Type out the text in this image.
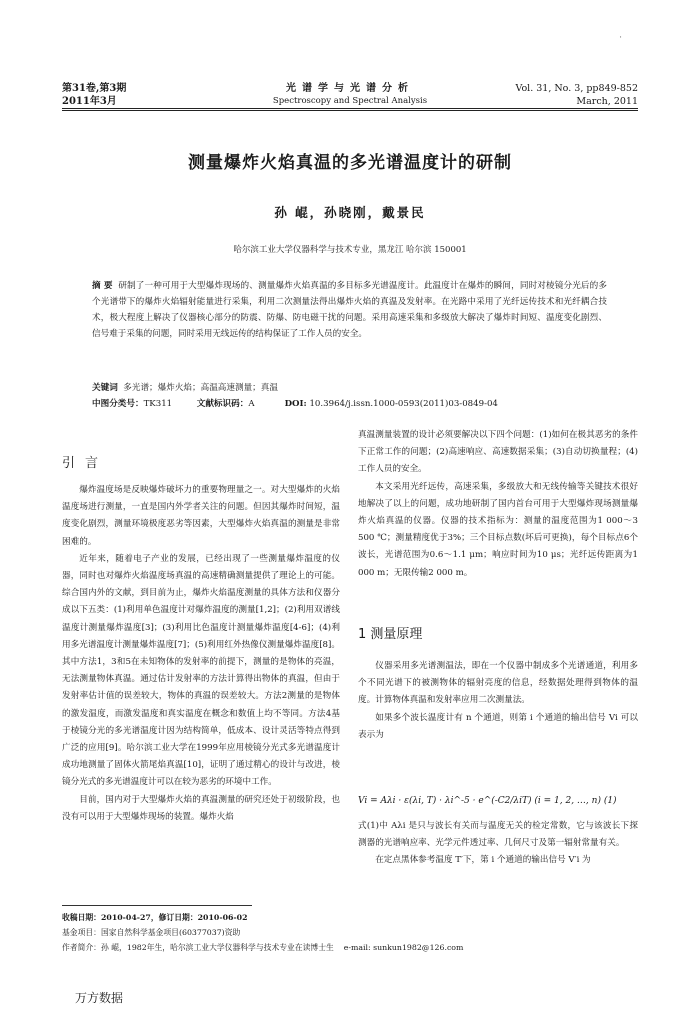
·
第31卷,第3期
2011年3月
光谱学与光谱分析
Spectroscopy and Spectral Analysis
Vol. 31, No. 3, pp849-852
March, 2011
测量爆炸火焰真温的多光谱温度计的研制
孙 崐，孙晓刚，戴景民
哈尔滨工业大学仪器科学与技术专业，黑龙江 哈尔滨 150001
摘 要 研制了一种可用于大型爆炸现场的、测量爆炸火焰真温的多目标多光谱温度计。此温度计在爆炸的瞬间，同时对棱镜分光后的多个光谱带下的爆炸火焰辐射能量进行采集，利用二次测量法得出爆炸火焰的真温及发射率。在光路中采用了光纤远传技术和光纤耦合技术，极大程度上解决了仪器核心部分的防震、防爆、防电磁干扰的问题。采用高速采集和多级放大解决了爆炸时间短、温度变化剧烈、信号难于采集的问题，同时采用无线远传的结构保证了工作人员的安全。
关键词 多光谱；爆炸火焰；高温高速测量；真温
中图分类号：TK311	文献标识码：A	DOI: 10.3964/j.issn.1000-0593(2011)03-0849-04
引言

爆炸温度场是反映爆炸破坏力的重要物理量之一。对大型爆炸的火焰温度场进行测量，一直是国内外学者关注的问题。但因其爆炸时间短，温度变化剧烈，测量环境极度恶劣等因素，大型爆炸火焰真温的测量是非常困难的。

近年来，随着电子产业的发展，已经出现了一些测量爆炸温度的仪器，同时也对爆炸火焰温度场真温的高速精确测量提供了理论上的可能。综合国内外的文献，到目前为止，爆炸火焰温度测量的具体方法和仪器分成以下五类：(1)利用单色温度计对爆炸温度的测量[1,2]；(2)利用双谱线温度计测量爆炸温度[3]；(3)利用比色温度计测量爆炸温度[4-6]；(4)利用多光谱温度计测量爆炸温度[7]；(5)利用红外热像仪测量爆炸温度[8]。其中方法1，3和5在未知物体的发射率的前提下，测量的是物体的亮温，无法测量物体真温。通过估计发射率的方法计算得出物体的真温，但由于发射率估计值的误差较大，物体的真温的误差较大。方法2测量的是物体的激发温度，而激发温度和真实温度在概念和数值上均不等同。方法4基于棱镜分光的多光谱温度计因为结构简单，低成本、设计灵活等特点得到广泛的应用[9]。哈尔滨工业大学在1999年应用棱镜分光式多光谱温度计成功地测量了固体火箭尾焰真温[10]，证明了通过精心的设计与改进，棱镜分光式的多光谱温度计可以在较为恶劣的环境中工作。

目前，国内对于大型爆炸火焰的真温测量的研究还处于初级阶段，也没有可以用于大型爆炸现场的装置。爆炸火焰

真温测量装置的设计必须要解决以下四个问题：(1)如何在极其恶劣的条件下正常工作的问题；(2)高速响应、高速数据采集；(3)自动切换量程；(4)工作人员的安全。

本文采用光纤远传，高速采集，多级放大和无线传输等关键技术很好地解决了以上的问题，成功地研制了国内首台可用于大型爆炸现场测量爆炸火焰真温的仪器。仪器的技术指标为：测量的温度范围为1 000～3 500 ℃；测量精度优于3%；三个目标点数(坏后可更换)，每个目标点6个波长，光谱范围为0.6～1.1 μm；响应时间为10 μs；光纤远传距离为1 000 m；无限传输2 000 m。

1 测量原理

仪器采用多光谱测温法，即在一个仪器中制成多个光谱通道，利用多个不同光谱下的被测物体的辐射亮度的信息，经数据处理得到物体的温度。计算物体真温和发射率应用二次测量法。

如果多个波长温度计有 n 个通道，则第 i 个通道的输出信号 Vi 可以表示为

Vi = Aλi · ε(λi, T) · λi^-5 · e^(-C2/λiT) (i = 1, 2, …, n) (1)

式(1)中 Aλi 是只与波长有关而与温度无关的检定常数，它与该波长下探测器的光谱响应率、光学元件透过率、几何尺寸及第一辐射常量有关。

在定点黑体参考温度 T′下，第 i 个通道的输出信号 V′i 为

收稿日期：2010-04-27，修订日期：2010-06-02
基金项目：国家自然科学基金项目(60377037)资助
作者简介：孙 崐，1982年生，哈尔滨工业大学仪器科学与技术专业在读博士生 e-mail: sunkun1982@126.com
万方数据
